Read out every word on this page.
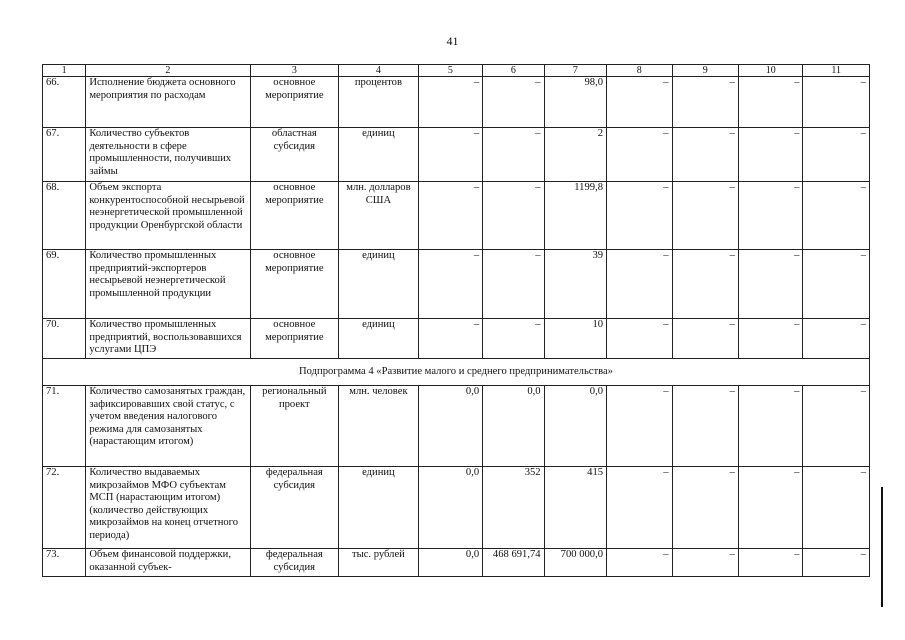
41
1	2	3	4	5	6	7	8	9	10	11
66.	Исполнение бюджета основного мероприятия по расходам	основное мероприятие	процентов	–	–	98,0	–	–	–	–
67.	Количество субъектов деятельности в сфере промышленности, получивших займы	областная субсидия	единиц	–	–	2	–	–	–	–
68.	Объем экспорта конкурентоспособной несырьевой неэнергетической промышленной продукции Оренбургской области	основное мероприятие	млн. долларов США	–	–	1199,8	–	–	–	–
69.	Количество промышленных предприятий-экспортеров несырьевой неэнергетической промышленной продукции	основное мероприятие	единиц	–	–	39	–	–	–	–
70.	Количество промышленных предприятий, воспользовавшихся услугами ЦПЭ	основное мероприятие	единиц	–	–	10	–	–	–	–
Подпрограмма 4 «Развитие малого и среднего предпринимательства»										
71.	Количество самозанятых граждан, зафиксировавших свой статус, с учетом введения налогового режима для самозанятых (нарастающим итогом)	региональный проект	млн. человек	0,0	0,0	0,0	–	–	–	–
72.	Количество выдаваемых микрозаймов МФО субъектам МСП (нарастающим итогом) (количество действующих микрозаймов на конец отчетного периода)	федеральная субсидия	единиц	0,0	352	415	–	–	–	–
73.	Объем финансовой поддержки, оказанной субъек-	федеральная субсидия	тыс. рублей	0,0	468 691,74	700 000,0	–	–	–	–
